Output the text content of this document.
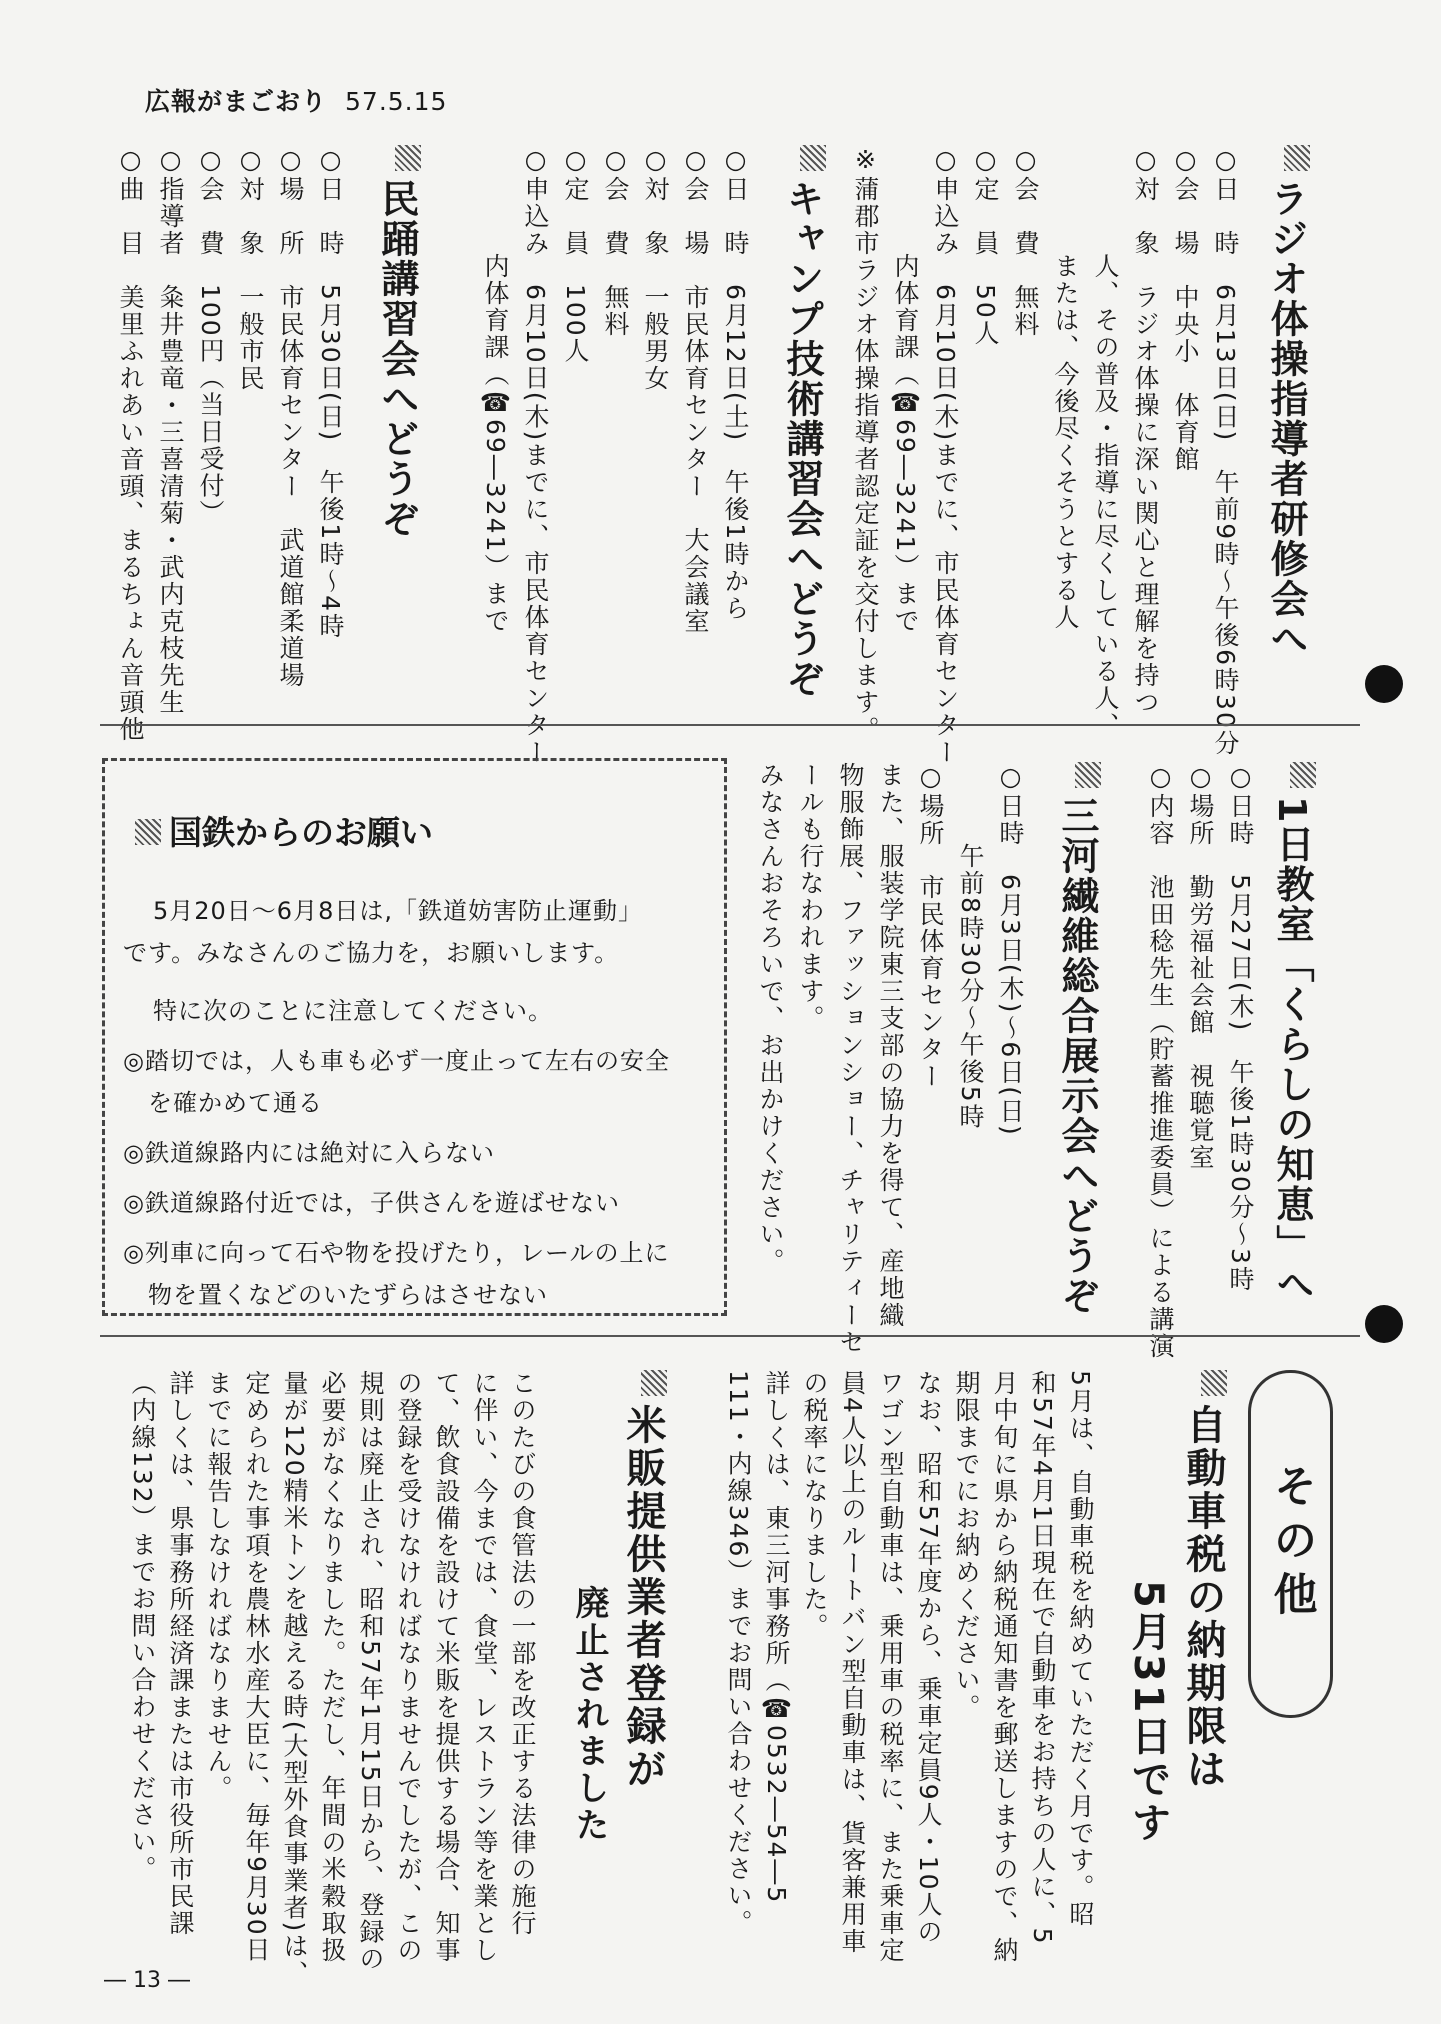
広報がまごおり 57.5.15
ラジオ体操指導者研修会へ
○日　時　6月13日(日)　午前9時～午後6時30分
○会　場　中央小　体育館
○対　象　ラジオ体操に深い関心と理解を持つ
　　　　人、その普及・指導に尽くしている人、
　　　　または、今後尽くそうとする人
○会　費　無料
○定　員　50人
○申込み　6月10日(木)までに、市民体育センター
　　　　内体育課（☎69―3241）まで
※蒲郡市ラジオ体操指導者認定証を交付します。
キャンプ技術講習会へどうぞ
○日　時　6月12日(土)　午後1時から
○会　場　市民体育センター　大会議室
○対　象　一般男女
○会　費　無料
○定　員　100人
○申込み　6月10日(木)までに、市民体育センター
　　　　内体育課（☎69―3241）まで
民踊講習会へどうぞ
○日　時　5月30日(日)　午後1時～4時
○場　所　市民体育センター　武道館柔道場
○対　象　一般市民
○会　費　100円（当日受付）
○指導者　粂井豊竜・三喜清菊・武内克枝先生
○曲　目　美里ふれあい音頭、まるちょん音頭他
1日教室「くらしの知恵」へ
○日時　5月27日(木)　午後1時30分～3時
○場所　勤労福祉会館　視聴覚室
○内容　池田稔先生（貯蓄推進委員）による講演
三河繊維総合展示会へどうぞ
○日時　6月3日(木)～6日(日)
　　　午前8時30分～午後5時
○場所　市民体育センター
また、服装学院東三支部の協力を得て、産地織
物服飾展、ファッションショー、チャリティーセ
ールも行なわれます。
みなさんおそろいで、お出かけください。
国鉄からのお願い
5月20日～6月8日は,「鉄道妨害防止運動」
です。みなさんのご協力を，お願いします。
特に次のことに注意してください。
◎踏切では，人も車も必ず一度止って左右の安全
　を確かめて通る
◎鉄道線路内には絶対に入らない
◎鉄道線路付近では，子供さんを遊ばせない
◎列車に向って石や物を投げたり，レールの上に
　物を置くなどのいたずらはさせない
その他
自動車税の納期限は
5月31日です
5月は、自動車税を納めていただく月です。昭
和57年4月1日現在で自動車をお持ちの人に、5
月中旬に県から納税通知書を郵送しますので、納
期限までにお納めください。
なお、昭和57年度から、乗車定員9人・10人の
ワゴン型自動車は、乗用車の税率に、また乗車定
員4人以上のルートバン型自動車は、貨客兼用車
の税率になりました。
詳しくは、東三河事務所（☎0532―54―5
111・内線346）までお問い合わせください。
米販提供業者登録が
廃止されました
このたびの食管法の一部を改正する法律の施行
に伴い、今までは、食堂、レストラン等を業とし
て、飲食設備を設けて米販を提供する場合、知事
の登録を受けなければなりませんでしたが、この
規則は廃止され、昭和57年1月15日から、登録の
必要がなくなりました。ただし、年間の米穀取扱
量が120精米トンを越える時(大型外食事業者)は、
定められた事項を農林水産大臣に、毎年9月30日
までに報告しなければなりません。
詳しくは、県事務所経済課または市役所市民課
（内線132）までお問い合わせください。
― 13 ―
